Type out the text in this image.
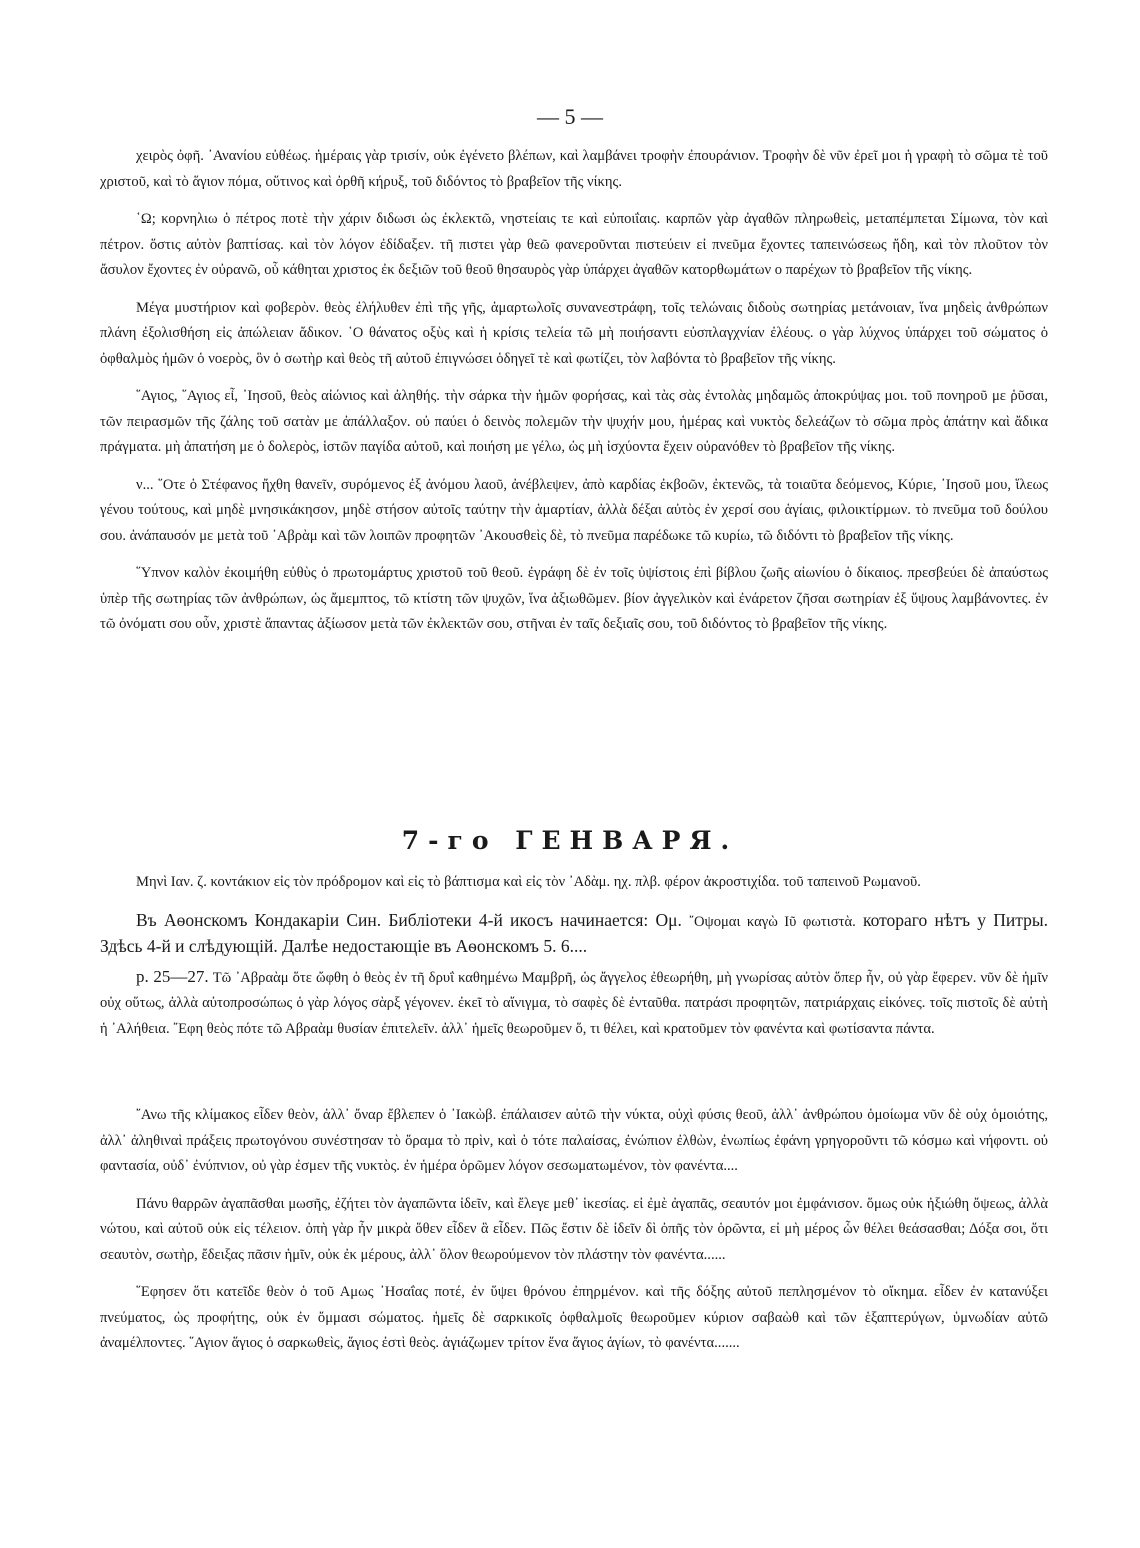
— 5 —

χειρὸς ὀφῆ. ᾿Ανανίου εὐθέως. ἡμέραις γὰρ τρισίν, οὐκ ἐγένετο βλέπων, καὶ λαμβάνει τροφὴν ἐπουράνιον. Τροφὴν δὲ νῦν ἐρεῖ μοι ἡ γραφὴ τὸ σῶμα τὲ τοῦ χριστοῦ, καὶ τὸ ἅγιον πόμα, οὕτινος καὶ ὀρθῆ κήρυξ, τοῦ διδόντος τὸ βραβεῖον τῆς νίκης.

῾Ω; κορνηλιω ὁ πέτρος ποτὲ τὴν χάριν διδωσι ὡς ἐκλεκτῶ, νηστείαις τε καὶ εὐποιΐαις. καρπῶν γὰρ ἀγαθῶν πληρωθεὶς, μεταπέμπεται Σίμωνα, τὸν καὶ πέτρον. ὅστις αὐτὸν βαπτίσας. καὶ τὸν λόγον ἐδίδαξεν. τῆ πιστει γὰρ θεῶ φανεροῦνται πιστεύειν εἰ πνεῦμα ἔχοντες ταπεινώσεως ἤδη, καὶ τὸν πλοῦτον τὸν ἄσυλον ἔχοντες ἐν οὐρανῶ, οὗ κάθηται χριστος ἐκ δεξιῶν τοῦ θεοῦ θησαυρὸς γὰρ ὑπάρχει ἀγαθῶν κατορθωμάτων ο παρέχων τὸ βραβεῖον τῆς νίκης.

Μέγα μυστήριον καὶ φοβερὸν. θεὸς ἐλήλυθεν ἐπὶ τῆς γῆς, ἁμαρτωλοῖς συνανεστράφη, τοῖς τελώναις διδοὺς σωτηρίας μετάνοιαν, ἵνα μηδεὶς ἀνθρώπων πλάνη ἐξολισθήση εἰς ἀπώλειαν ἄδικον. ῾Ο θάνατος οξὺς καὶ ἡ κρίσις τελεία τῶ μὴ ποιήσαντι εὐσπλαγχνίαν ἐλέους. ο γὰρ λύχνος ὑπάρχει τοῦ σώματος ὁ ὀφθαλμὸς ἡμῶν ὁ νοερὸς, ὃν ὁ σωτὴρ καὶ θεὸς τῆ αὐτοῦ ἐπιγνώσει ὁδηγεῖ τὲ καὶ φωτίζει, τὸν λαβόντα τὸ βραβεῖον τῆς νίκης.

῞Αγιος, ῞Αγιος εἶ, ᾿Ιησοῦ, θεὸς αἰώνιος καὶ ἀληθής. τὴν σάρκα τὴν ἡμῶν φορήσας, καὶ τὰς σὰς ἐντολὰς μηδαμῶς ἀποκρύψας μοι. τοῦ πονηροῦ με ῥῦσαι, τῶν πειρασμῶν τῆς ζάλης τοῦ σατὰν με ἀπάλλαξον. οὐ παύει ὁ δεινὸς πολεμῶν τὴν ψυχήν μου, ἡμέρας καὶ νυκτὸς δελεάζων τὸ σῶμα πρὸς ἀπάτην καὶ ἄδικα πράγματα. μὴ ἀπατήση με ὁ δολερὸς, ἱστῶν παγίδα αὐτοῦ, καὶ ποιήση με γέλω, ὡς μὴ ἰσχύοντα ἔχειν οὐρανόθεν τὸ βραβεῖον τῆς νίκης.

ν... ῞Οτε ὁ Στέφανος ἤχθη θανεῖν, συρόμενος ἐξ ἀνόμου λαοῦ, ἀνέβλεψεν, ἀπὸ καρδίας ἐκβοῶν, ἐκτενῶς, τὰ τοιαῦτα δεόμενος, Κύριε, ᾿Ιησοῦ μου, ἵλεως γένου τούτους, καὶ μηδὲ μνησικάκησον, μηδὲ στήσον αὐτοῖς ταύτην τὴν ἁμαρτίαν, ἀλλὰ δέξαι αὐτὸς ἐν χερσί σου ἁγίαις, φιλοικτίρμων. τὸ πνεῦμα τοῦ δούλου σου. ἀνάπαυσόν με μετὰ τοῦ ᾿Αβρὰμ καὶ τῶν λοιπῶν προφητῶν ᾿Ακουσθεὶς δὲ, τὸ πνεῦμα παρέδωκε τῶ κυρίω, τῶ διδόντι τὸ βραβεῖον τῆς νίκης.

῞Υπνον καλὸν ἐκοιμήθη εὐθὺς ὁ πρωτομάρτυς χριστοῦ τοῦ θεοῦ. ἐγράφη δὲ ἐν τοῖς ὑψίστοις ἐπὶ βίβλου ζωῆς αἰωνίου ὁ δίκαιος. πρεσβεύει δὲ ἀπαύστως ὑπὲρ τῆς σωτηρίας τῶν ἀνθρώπων, ὡς ἄμεμπτος, τῶ κτίστη τῶν ψυχῶν, ἵνα ἀξιωθῶμεν. βίον ἀγγελικὸν καὶ ἐνάρετον ζῆσαι σωτηρίαν ἐξ ὕψους λαμβάνοντες. ἐν τῶ ὀνόματι σου οὖν, χριστὲ ἅπαντας ἀξίωσον μετὰ τῶν ἐκλεκτῶν σου, στῆναι ἐν ταῖς δεξιαῖς σου, τοῦ διδόντος τὸ βραβεῖον τῆς νίκης.

7-го ГЕНВАРЯ.

Μηνὶ Ιαν. ζ. κοντάκιον εἰς τὸν πρόδρομον καὶ εἰς τὸ βάπτισμα καὶ εἰς τὸν ᾿Αδὰμ. ηχ. πλβ. φέρον ἀκροστιχίδα. τοῦ ταπεινοῦ Ρωμανοῦ.

Въ Аѳонскомъ Кондакаріи Син. Библіотеки 4-й икосъ начинается: Ομ. ῎Οψομαι καγὼ Ιῦ φωτιστὰ. котораго нѣтъ у Питры. Здѣсь 4-й и слѣдующій. Далѣе недостающіе въ Аѳонскомъ 5. 6....

p. 25—27. Τῶ ᾿Αβραὰμ ὅτε ὤφθη ὁ θεὸς ἐν τῆ δρυΐ καθημένω Μαμβρῆ, ὡς ἄγγελος ἐθεωρήθη, μὴ γνωρίσας αὐτὸν ὅπερ ἦν, οὐ γὰρ ἔφερεν. νῦν δὲ ἡμῖν οὐχ οὕτως, ἀλλὰ αὐτοπροσώπως ὁ γὰρ λόγος σὰρξ γέγονεν. ἐκεῖ τὸ αἴνιγμα, τὸ σαφὲς δὲ ἐνταῦθα. πατράσι προφητῶν, πατριάρχαις εἰκόνες. τοῖς πιστοῖς δὲ αὐτὴ ἡ ᾿Αλήθεια. ῎Εφη θεὸς πότε τῶ Αβραὰμ θυσίαν ἐπιτελεῖν. ἀλλ᾿ ἡμεῖς θεωροῦμεν ὅ, τι θέλει, καὶ κρατοῦμεν τὸν φανέντα καὶ φωτίσαντα πάντα.

῎Ανω τῆς κλίμακος εἶδεν θεὸν, ἀλλ᾿ ὄναρ ἔβλεπεν ὁ ᾿Ιακὼβ. ἐπάλαισεν αὐτῶ τὴν νύκτα, οὐχὶ φύσις θεοῦ, ἀλλ᾿ ἀνθρώπου ὁμοίωμα νῦν δὲ οὐχ ὁμοιότης, ἀλλ᾿ ἀληθιναὶ πράξεις πρωτογόνου συνέστησαν τὸ ὅραμα τὸ πρὶν, καὶ ὁ τότε παλαίσας, ἐνώπιον ἐλθὼν, ἐνωπίως ἐφάνη γρηγοροῦντι τῶ κόσμω καὶ νήφοντι. οὐ φαντασία, οὐδ᾿ ἐνύπνιον, οὐ γὰρ ἐσμεν τῆς νυκτὸς. ἐν ἡμέρα ὁρῶμεν λόγον σεσωματωμένον, τὸν φανέντα....

Πάνυ θαρρῶν ἀγαπᾶσθαι μωσῆς, ἐζήτει τὸν ἀγαπῶντα ἰδεῖν, καὶ ἔλεγε μεθ᾿ ἱκεσίας. εἰ ἐμὲ ἀγαπᾶς, σεαυτόν μοι ἐμφάνισον. ὅμως οὐκ ἠξιώθη ὄψεως, ἀλλὰ νώτου, καὶ αὐτοῦ οὐκ εἰς τέλειον. ὀπὴ γὰρ ἦν μικρὰ ὅθεν εἶδεν ἃ εἶδεν. Πῶς ἔστιν δὲ ἰδεῖν δὶ ὀπῆς τὸν ὁρῶντα, εἰ μὴ μέρος ὧν θέλει θεάσασθαι; Δόξα σοι, ὅτι σεαυτὸν, σωτὴρ, ἔδειξας πᾶσιν ἡμῖν, οὐκ ἐκ μέρους, ἀλλ᾿ ὅλον θεωρούμενον τὸν πλάστην τὸν φανέντα......

῞Εφησεν ὅτι κατεῖδε θεὸν ὁ τοῦ Αμως ᾿Ησαΐας ποτέ, ἐν ὕψει θρόνου ἐπηρμένον. καὶ τῆς δόξης αὐτοῦ πεπλησμένον τὸ οἴκημα. εἶδεν ἐν κατανύξει πνεύματος, ὡς προφήτης, οὐκ ἐν ὄμμασι σώματος. ἡμεῖς δὲ σαρκικοῖς ὀφθαλμοῖς θεωροῦμεν κύριον σαβαὼθ καὶ τῶν ἑξαπτερύγων, ὑμνωδίαν αὐτῶ ἀναμέλποντες. ῞Αγιον ἅγιος ὁ σαρκωθεὶς, ἅγιος ἐστὶ θεὸς. ἁγιάζωμεν τρίτον ἕνα ἅγιος ἁγίων, τὸ φανέντα.......
